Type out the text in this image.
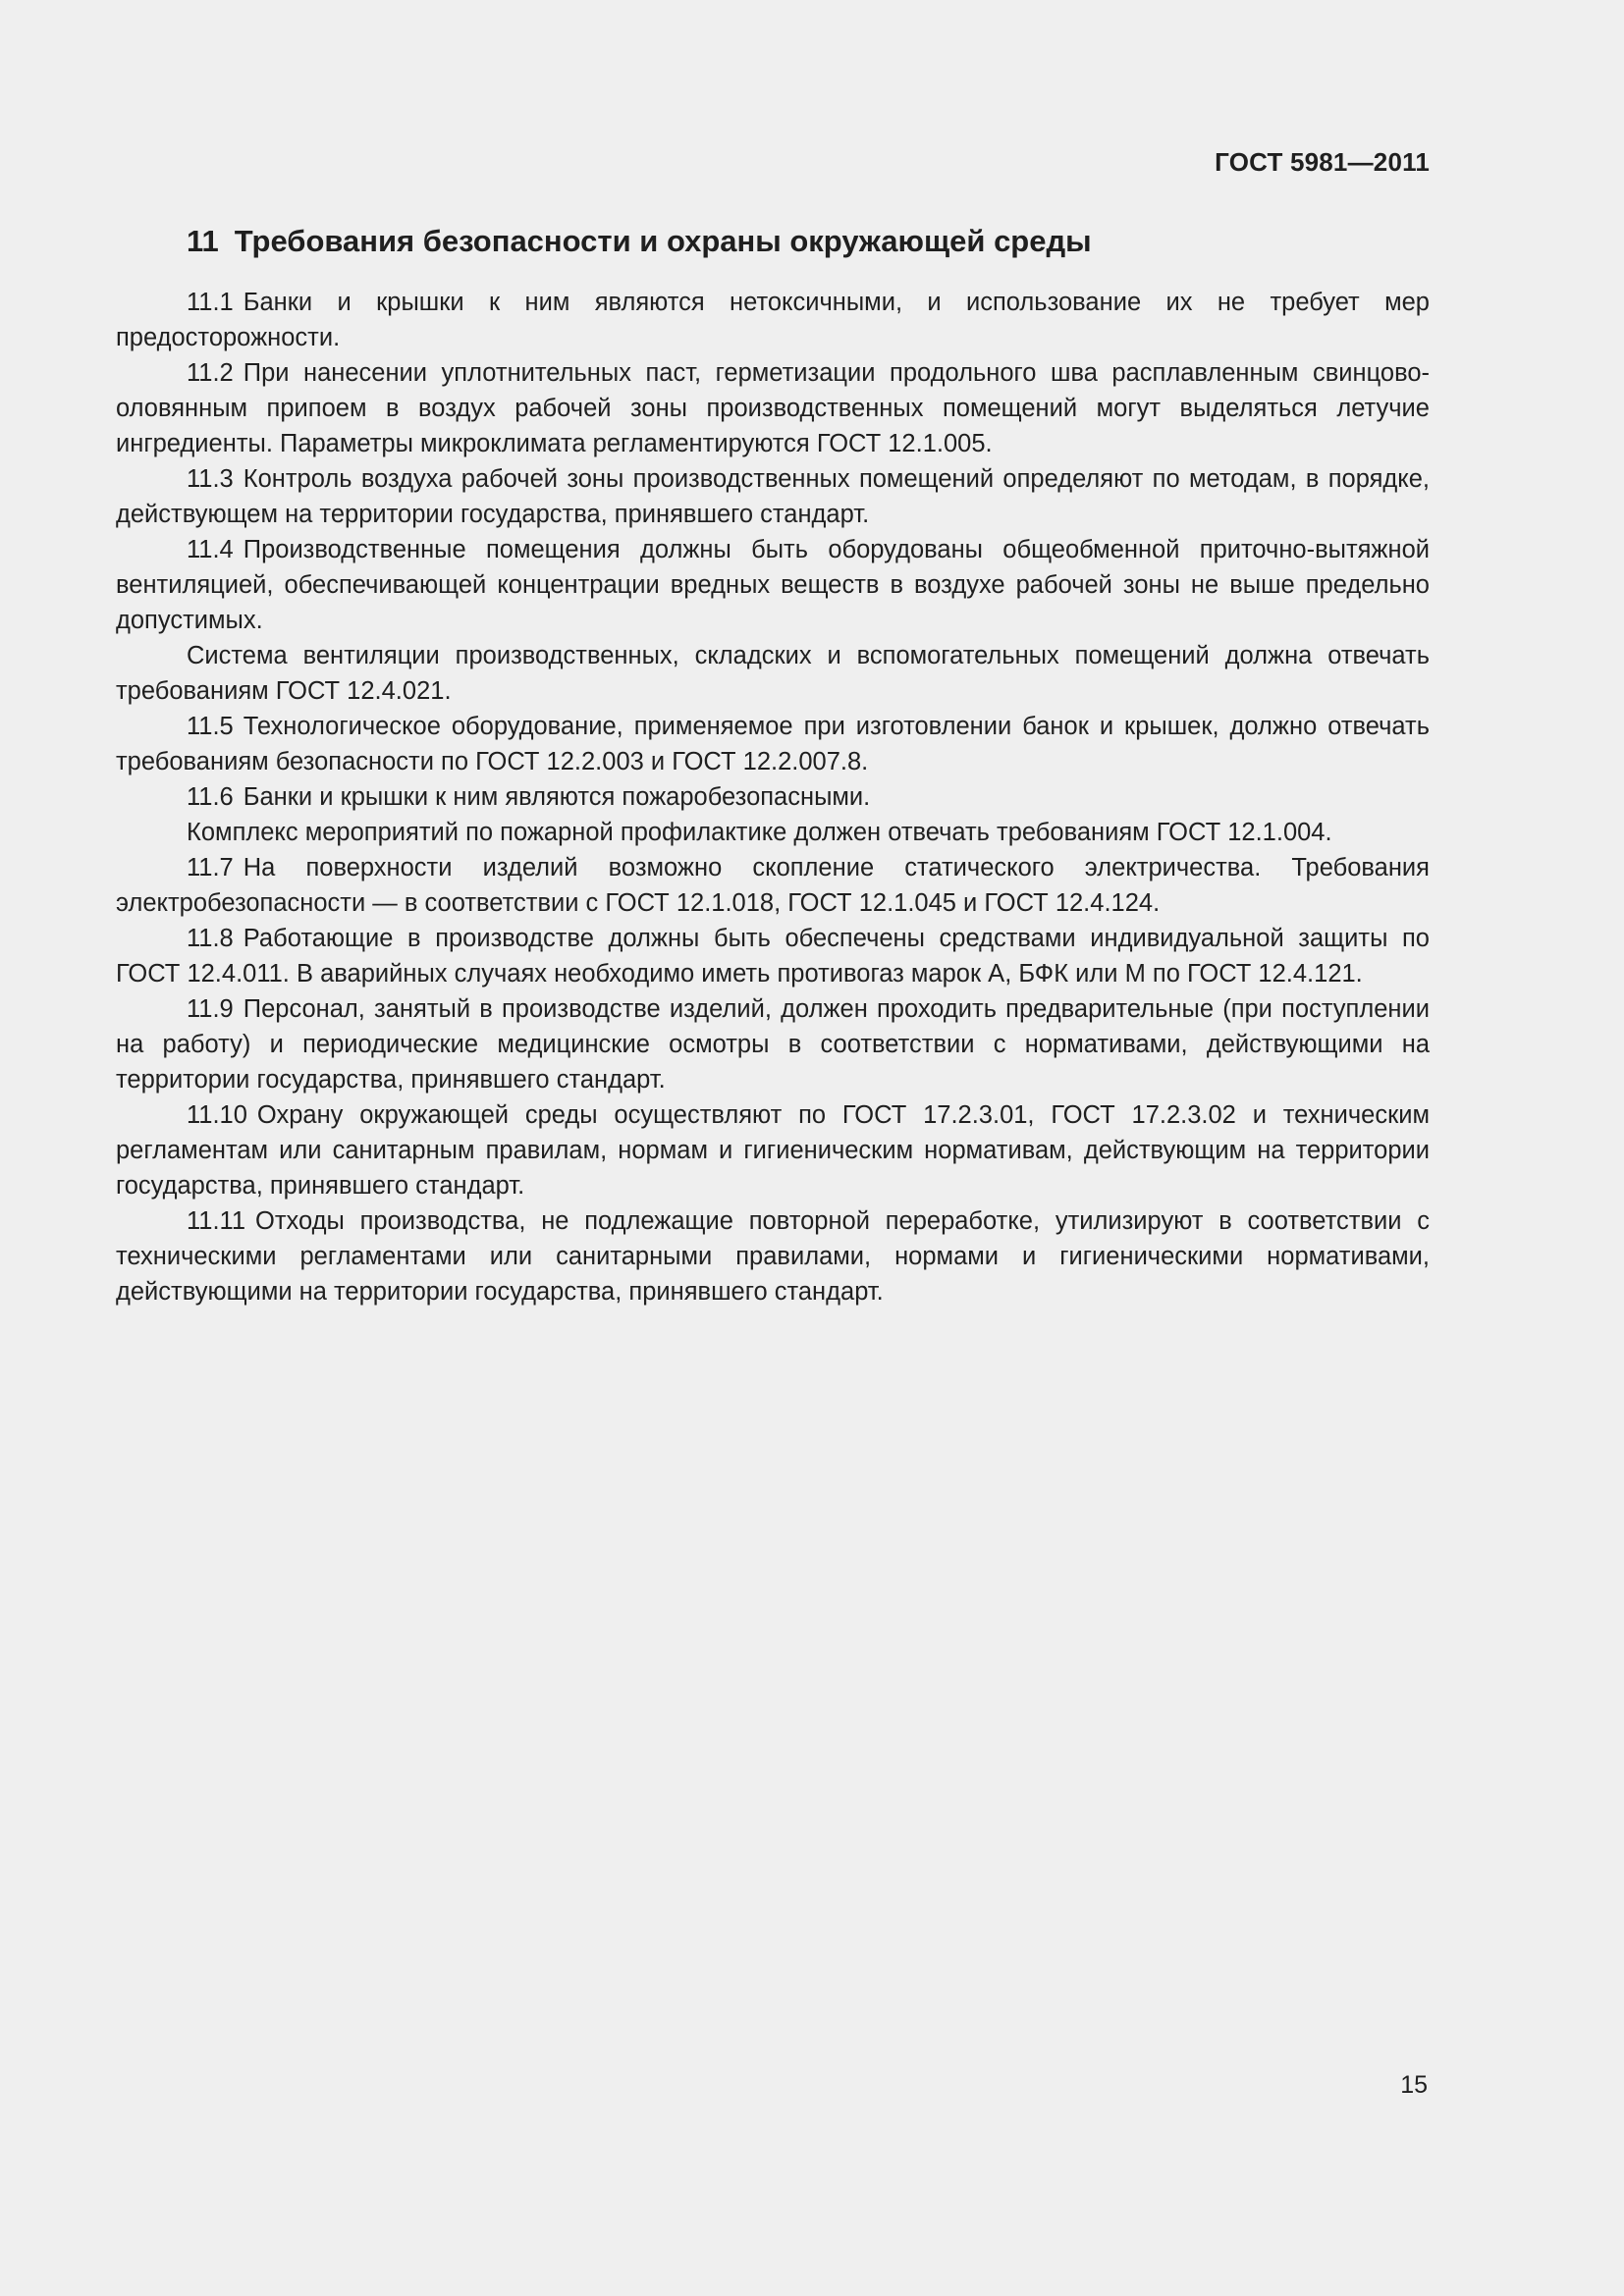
ГОСТ 5981—2011
11 Требования безопасности и охраны окружающей среды

11.1 Банки и крышки к ним являются нетоксичными, и использование их не требует мер предосторожности.

11.2 При нанесении уплотнительных паст, герметизации продольного шва расплавленным свинцово-оловянным припоем в воздух рабочей зоны производственных помещений могут выделяться летучие ингредиенты. Параметры микроклимата регламентируются ГОСТ 12.1.005.

11.3 Контроль воздуха рабочей зоны производственных помещений определяют по методам, в порядке, действующем на территории государства, принявшего стандарт.

11.4 Производственные помещения должны быть оборудованы общеобменной приточно-вытяжной вентиляцией, обеспечивающей концентрации вредных веществ в воздухе рабочей зоны не выше предельно допустимых.

Система вентиляции производственных, складских и вспомогательных помещений должна отвечать требованиям ГОСТ 12.4.021.

11.5 Технологическое оборудование, применяемое при изготовлении банок и крышек, должно отвечать требованиям безопасности по ГОСТ 12.2.003 и ГОСТ 12.2.007.8.

11.6 Банки и крышки к ним являются пожаробезопасными.

Комплекс мероприятий по пожарной профилактике должен отвечать требованиям ГОСТ 12.1.004.

11.7 На поверхности изделий возможно скопление статического электричества. Требования электробезопасности — в соответствии с ГОСТ 12.1.018, ГОСТ 12.1.045 и ГОСТ 12.4.124.

11.8 Работающие в производстве должны быть обеспечены средствами индивидуальной защиты по ГОСТ 12.4.011. В аварийных случаях необходимо иметь противогаз марок А, БФК или М по ГОСТ 12.4.121.

11.9 Персонал, занятый в производстве изделий, должен проходить предварительные (при поступлении на работу) и периодические медицинские осмотры в соответствии с нормативами, действующими на территории государства, принявшего стандарт.

11.10 Охрану окружающей среды осуществляют по ГОСТ 17.2.3.01, ГОСТ 17.2.3.02 и техническим регламентам или санитарным правилам, нормам и гигиеническим нормативам, действующим на территории государства, принявшего стандарт.

11.11 Отходы производства, не подлежащие повторной переработке, утилизируют в соответствии с техническими регламентами или санитарными правилами, нормами и гигиеническими нормативами, действующими на территории государства, принявшего стандарт.

15
